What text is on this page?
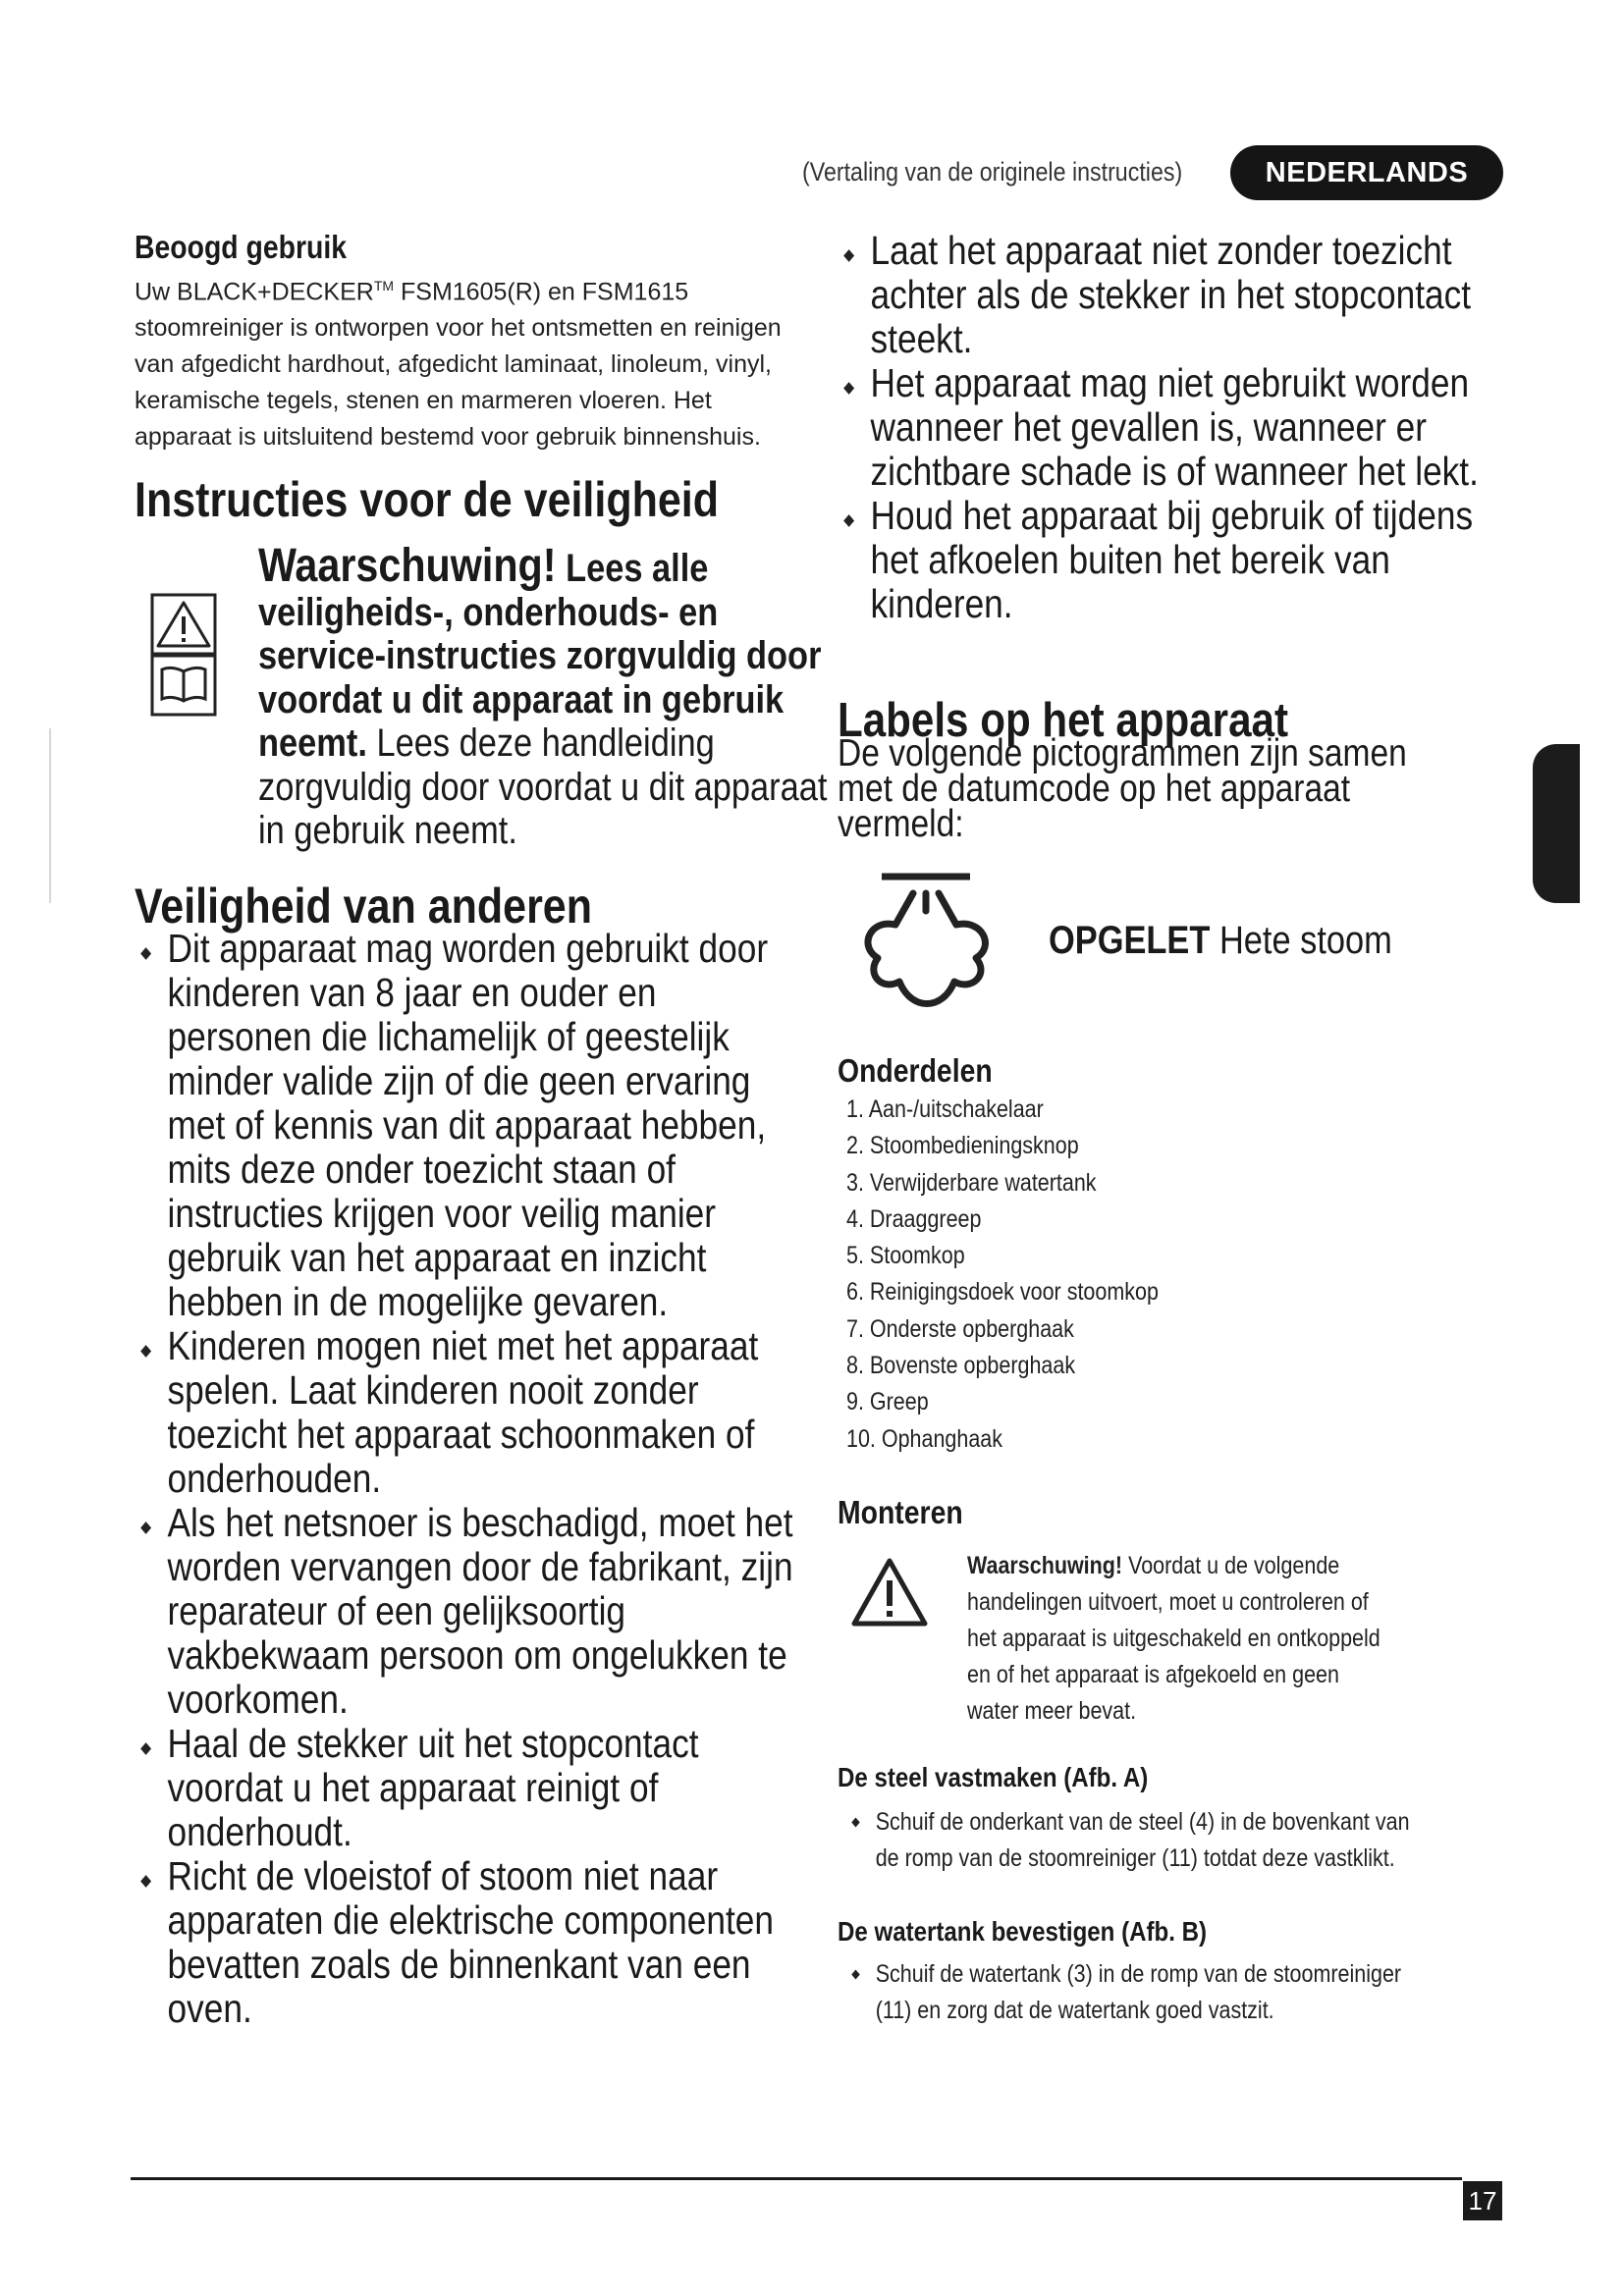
(Vertaling van de originele instructies)	NEDERLANDS
Beoogd gebruik
Uw BLACK+DECKER™ FSM1605(R) en FSM1615 stoomreiniger is ontworpen voor het ontsmetten en reinigen van afgedicht hardhout, afgedicht laminaat, linoleum, vinyl, keramische tegels, stenen en marmeren vloeren. Het apparaat is uitsluitend bestemd voor gebruik binnenshuis.
Instructies voor de veiligheid
Waarschuwing! Lees alle veiligheids-, onderhouds- en service-instructies zorgvuldig door voordat u dit apparaat in gebruik neemt. Lees deze handleiding zorgvuldig door voordat u dit apparaat in gebruik neemt.
Veiligheid van anderen
Dit apparaat mag worden gebruikt door kinderen van 8 jaar en ouder en personen die lichamelijk of geestelijk minder valide zijn of die geen ervaring met of kennis van dit apparaat hebben, mits deze onder toezicht staan of instructies krijgen voor veilig manier gebruik van het apparaat en inzicht hebben in de mogelijke gevaren.
Kinderen mogen niet met het apparaat spelen. Laat kinderen nooit zonder toezicht het apparaat schoonmaken of onderhouden.
Als het netsnoer is beschadigd, moet het worden vervangen door de fabrikant, zijn reparateur of een gelijksoortig vakbekwaam persoon om ongelukken te voorkomen.
Haal de stekker uit het stopcontact voordat u het apparaat reinigt of onderhoudt.
Richt de vloeistof of stoom niet naar apparaten die elektrische componenten bevatten zoals de binnenkant van een oven.
Laat het apparaat niet zonder toezicht achter als de stekker in het stopcontact steekt.
Het apparaat mag niet gebruikt worden wanneer het gevallen is, wanneer er zichtbare schade is of wanneer het lekt.
Houd het apparaat bij gebruik of tijdens het afkoelen buiten het bereik van kinderen.
Labels op het apparaat
De volgende pictogrammen zijn samen met de datumcode op het apparaat vermeld:
OPGELET Hete stoom
Onderdelen
1. Aan-/uitschakelaar
2. Stoombedieningsknop
3. Verwijderbare watertank
4. Draaggreep
5. Stoomkop
6. Reinigingsdoek voor stoomkop
7. Onderste opberghaak
8. Bovenste opberghaak
9. Greep
10. Ophanghaak
Monteren
Waarschuwing! Voordat u de volgende handelingen uitvoert, moet u controleren of het apparaat is uitgeschakeld en ontkoppeld en of het apparaat is afgekoeld en geen water meer bevat.
De steel vastmaken (Afb. A)
Schuif de onderkant van de steel (4) in de bovenkant van de romp van de stoomreiniger (11) totdat deze vastklikt.
De watertank bevestigen (Afb. B)
Schuif de watertank (3) in de romp van de stoomreiniger (11) en zorg dat de watertank goed vastzit.
17
